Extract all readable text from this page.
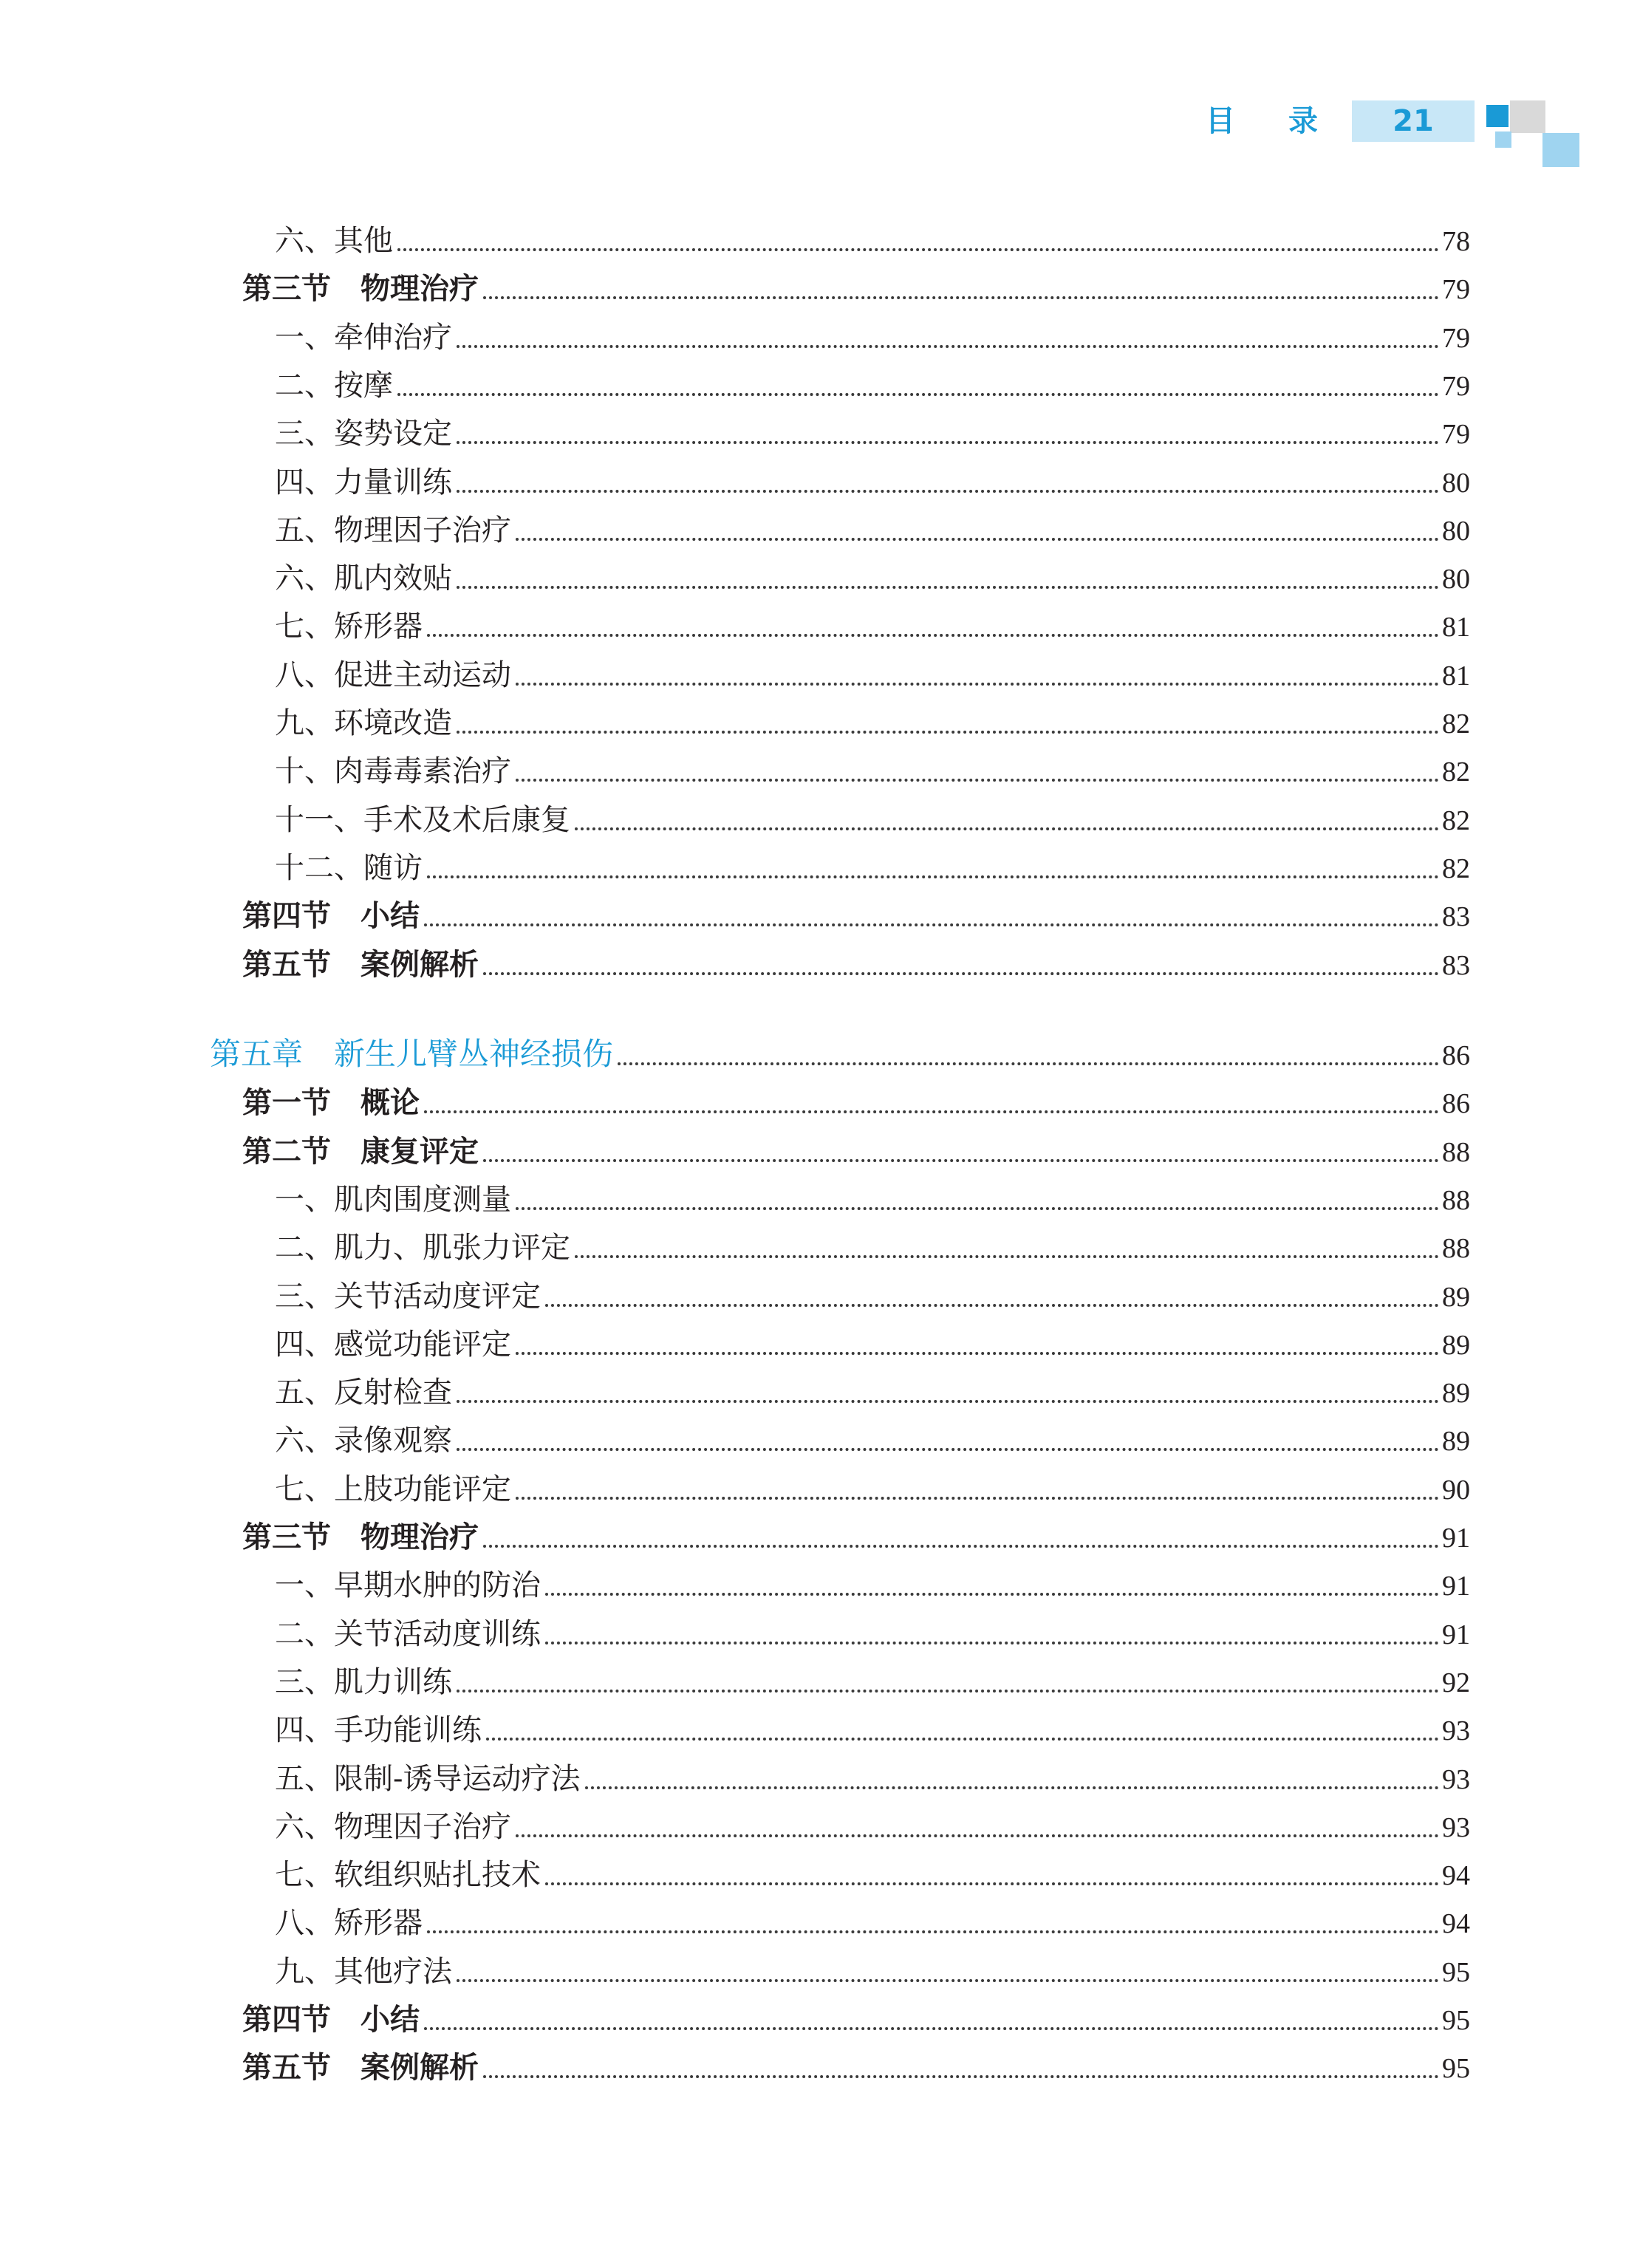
目 录	21
六、其他	78
第三节　物理治疗	79
一、牵伸治疗	79
二、按摩	79
三、姿势设定	79
四、力量训练	80
五、物理因子治疗	80
六、肌内效贴	80
七、矫形器	81
八、促进主动运动	81
九、环境改造	82
十、肉毒毒素治疗	82
十一、手术及术后康复	82
十二、随访	82
第四节　小结	83
第五节　案例解析	83
第五章　新生儿臂丛神经损伤	86
第一节　概论	86
第二节　康复评定	88
一、肌肉围度测量	88
二、肌力、肌张力评定	88
三、关节活动度评定	89
四、感觉功能评定	89
五、反射检查	89
六、录像观察	89
七、上肢功能评定	90
第三节　物理治疗	91
一、早期水肿的防治	91
二、关节活动度训练	91
三、肌力训练	92
四、手功能训练	93
五、限制-诱导运动疗法	93
六、物理因子治疗	93
七、软组织贴扎技术	94
八、矫形器	94
九、其他疗法	95
第四节　小结	95
第五节　案例解析	95
